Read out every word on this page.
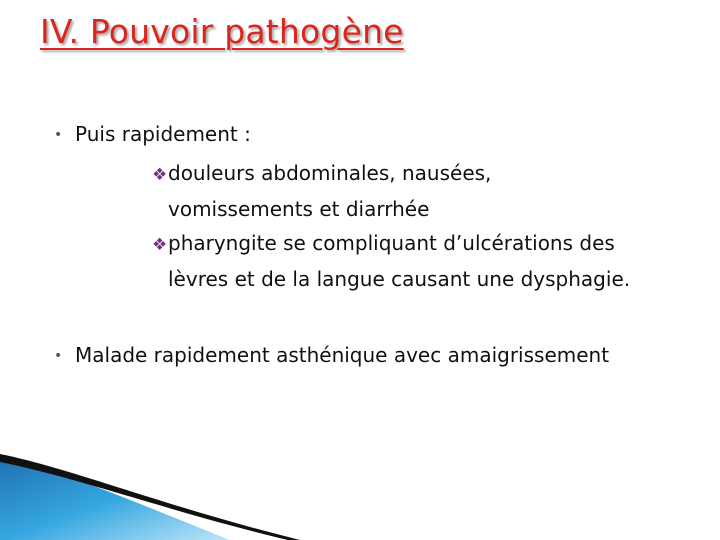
IV. Pouvoir pathogène
• Puis rapidement :
❖douleurs abdominales, nausées,
vomissements et diarrhée
❖pharyngite se compliquant d’ulcérations des
lèvres et de la langue causant une dysphagie.
• Malade rapidement asthénique avec amaigrissement
